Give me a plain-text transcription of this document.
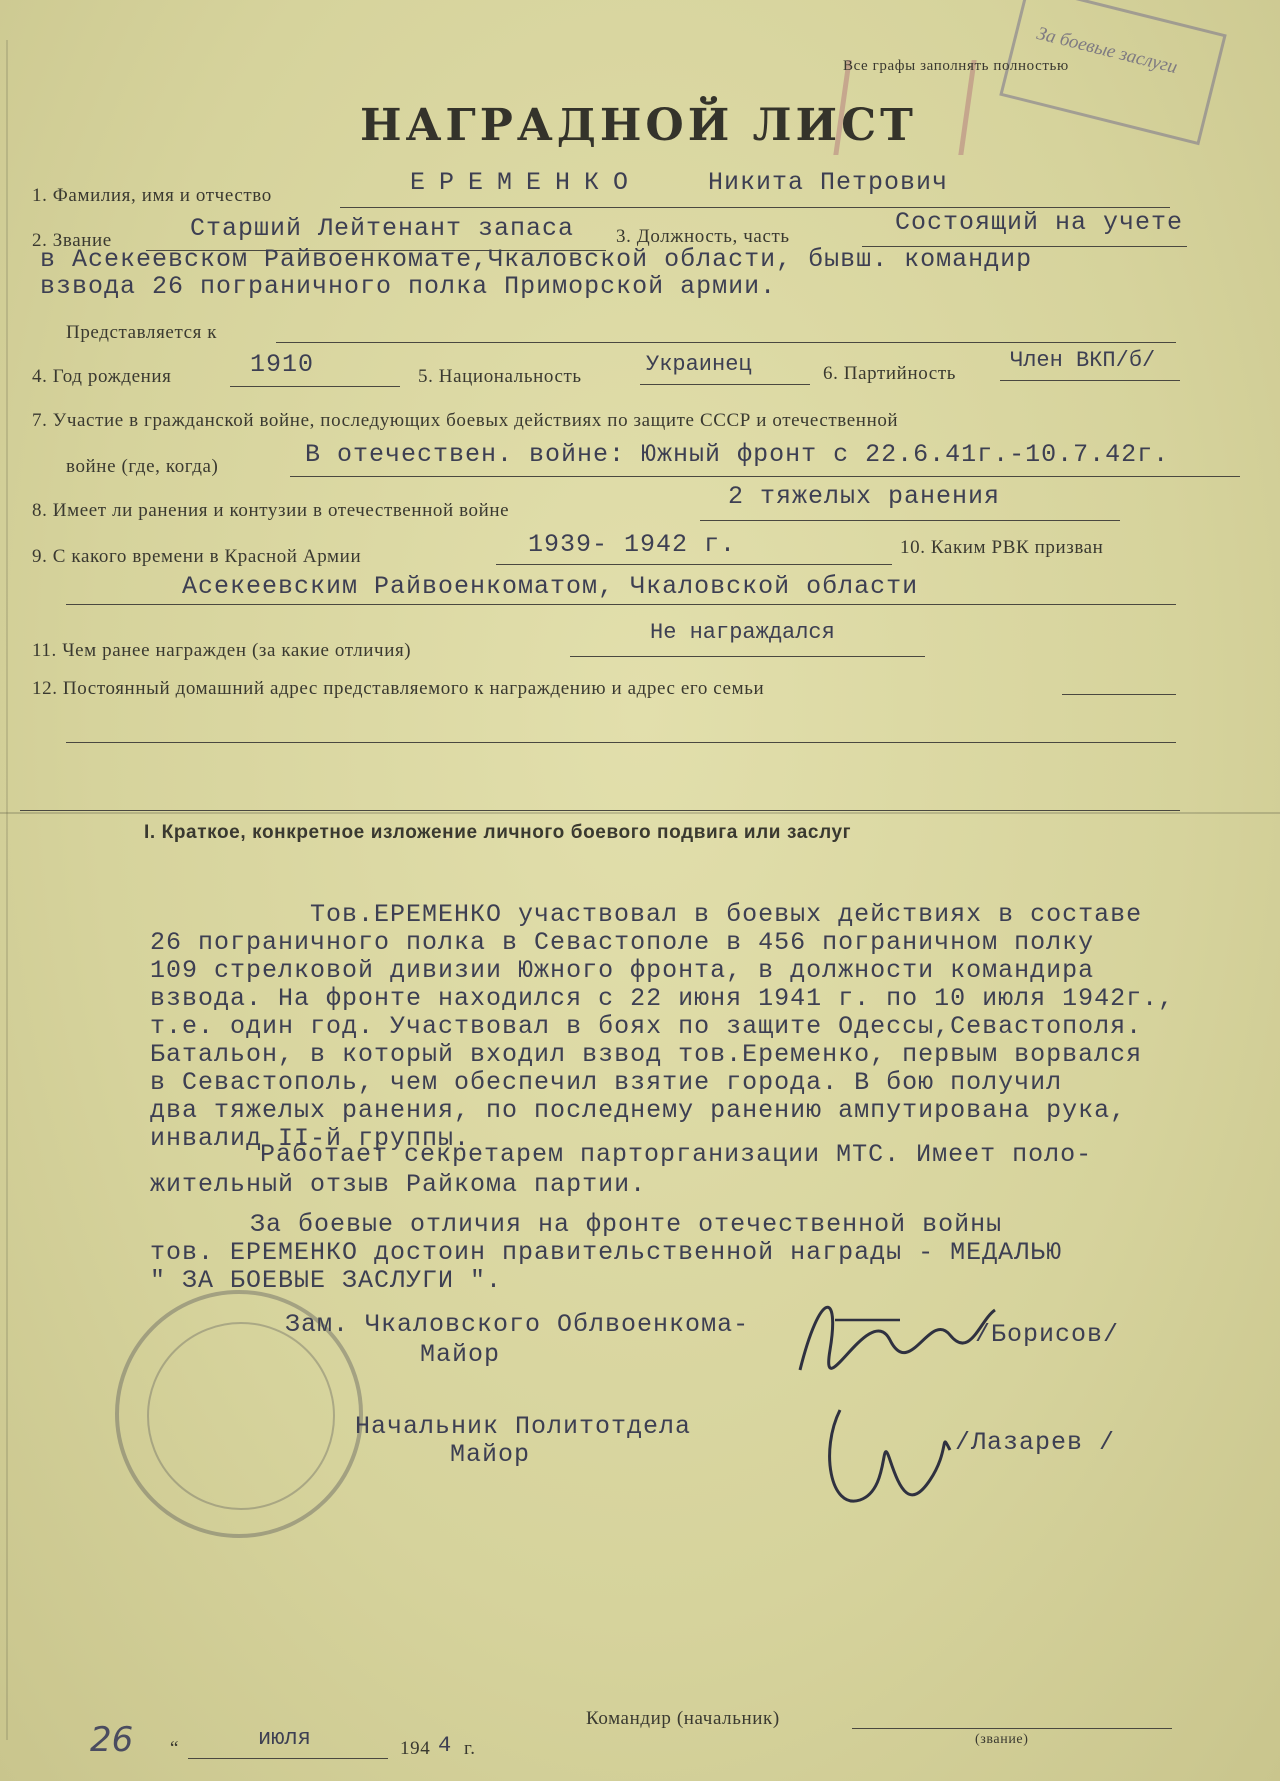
За боевые заслуги
Все графы заполнять полностью
НАГРАДНОЙ ЛИСТ
1. Фамилия, имя и отчество	ЕРЕМЕНКО	Никита Петрович
2. Звание	Старший Лейтенант запаса 3. Должность, часть	Состоящий на учете
в Асекеевском Райвоенкомате,Чкаловской области, бывш. командир
взвода 26 пограничного полка Приморской армии.
Представляется к
4. Год рождения	1910	5. Национальность	Украинец	6. Партийность
Член ВКП/б/
7. Участие в гражданской войне, последующих боевых действиях по защите СССР и отечественной
войне (где, когда)	В отечествен. войне: Южный фронт с 22.6.41г.-10.7.42г.
8. Имеет ли ранения и контузии в отечественной войне	2 тяжелых ранения
9. С какого времени в Красной Армии	1939- 1942 г.	10. Каким РВК призван
Асекеевским Райвоенкоматом, Чкаловской области
11. Чем ранее награжден (за какие отличия)
Не награждался
12. Постоянный домашний адрес представляемого к награждению и адрес его семьи
I. Краткое, конкретное изложение личного боевого подвига или заслуг
Тов.ЕРЕМЕНКО участвовал в боевых действиях в составе
26 пограничного полка в Севастополе в 456 пограничном полку
109 стрелковой дивизии Южного фронта, в должности командира
взвода. На фронте находился с 22 июня 1941 г. по 10 июля 1942г.,
т.е. один год. Участвовал в боях по защите Одессы,Севастополя.
Батальон, в который входил взвод тов.Еременко, первым ворвался
в Севастополь, чем обеспечил взятие города. В бою получил
два тяжелых ранения, по последнему ранению ампутирована рука,
инвалид II-й группы.
Работает секретарем парторганизации МТС. Имеет поло-
жительный отзыв Райкома партии.
За боевые отличия на фронте отечественной войны
тов. ЕРЕМЕНКО достоин правительственной награды - МЕДАЛЬЮ
" ЗА БОЕВЫЕ ЗАСЛУГИ ".
Зам. Чкаловского Облвоенкома-
Майор
/Борисов/
Начальник Политотдела
Майор	/Лазарев /
26 “	июля	194 4 г.
Командир (начальник)
(звание)
